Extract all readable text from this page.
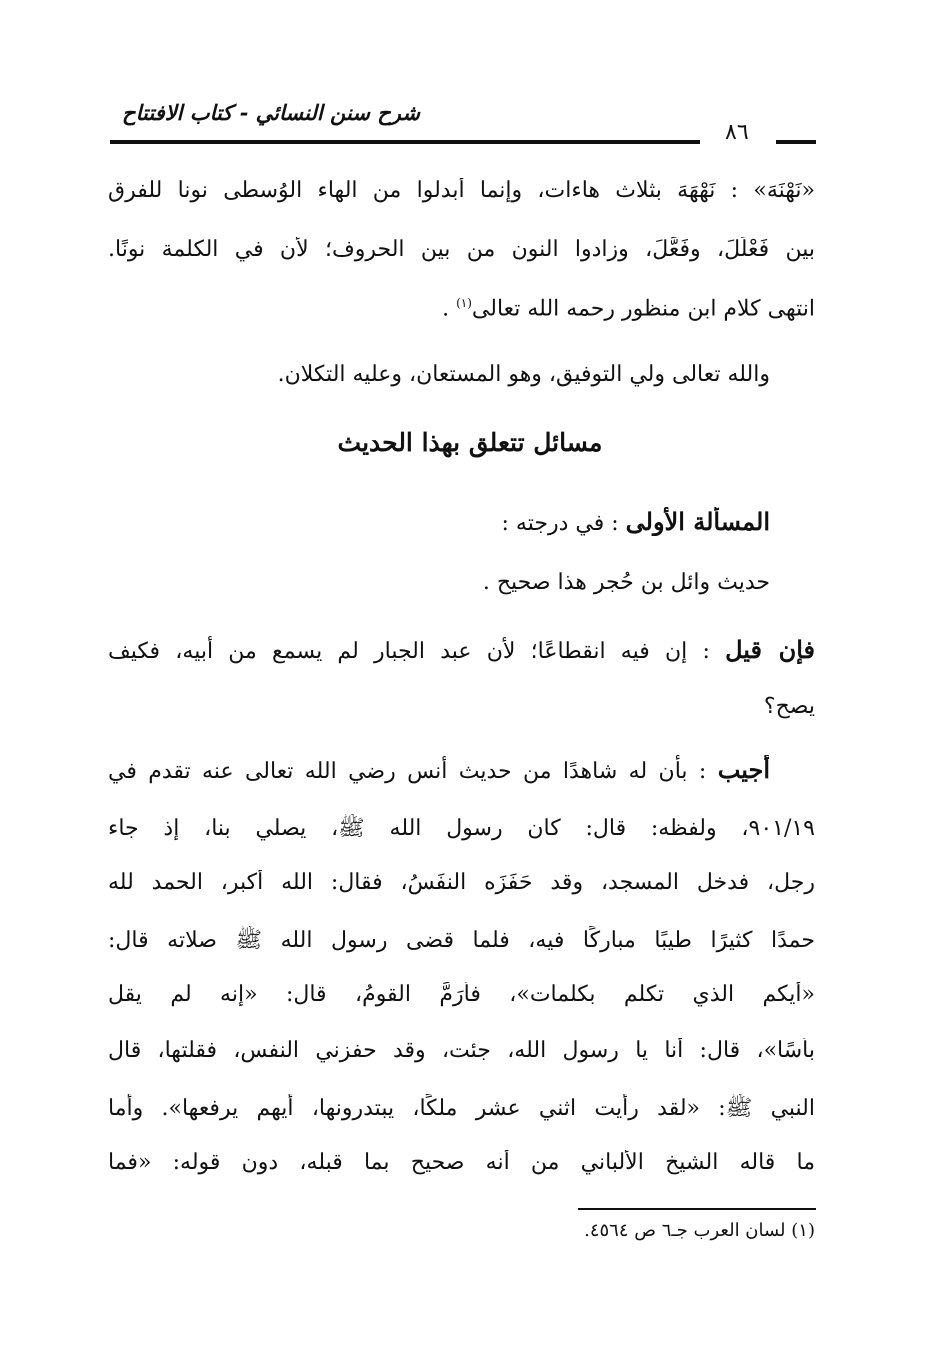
شرح سنن النسائي - كتاب الافتتاح
٨٦
«نَهْنَهَ» : نَهْهَهَ بثلاث هاءات، وإنما أبدلوا من الهاء الوُسطى نونا للفرق
بين فَعْلَلَ، وفَعَّلَ، وزادوا النون من بين الحروف؛ لأن في الكلمة نونًا.
انتهى كلام ابن منظور رحمه الله تعالى$^{(١)}$ .
والله تعالى ولي التوفيق، وهو المستعان، وعليه التكلان.
مسائل تتعلق بهذا الحديث
المسألة الأولى : في درجته :
حديث وائل بن حُجر هذا صحيح .
فإن قيل : إن فيه انقطاعًا؛ لأن عبد الجبار لم يسمع من أبيه، فكيف
يصح؟
أجيب : بأن له شاهدًا من حديث أنس رضي الله تعالى عنه تقدم في
٩٠١/١٩، ولفظه: قال: كان رسول الله ﷺ، يصلي بنا، إذ جاء
رجل، فدخل المسجد، وقد حَفَزَه النفَسُ، فقال: الله أكبر، الحمد لله
حمدًا كثيرًا طيبًا مباركًا فيه، فلما قضى رسول الله ﷺ صلاته قال:
«أيكم الذي تكلم بكلمات»، فأَرَمَّ القومُ، قال: «إنه لم يقل
بأسًا»، قال: أنا يا رسول الله، جئت، وقد حفزني النفس، فقلتها، قال
النبي ﷺ: «لقد رأيت اثني عشر ملكًا، يبتدرونها، أيهم يرفعها». وأما
ما قاله الشيخ الألباني من أنه صحيح بما قبله، دون قوله: «فما
(١) لسان العرب جـ٦ ص ٤٥٦٤.
